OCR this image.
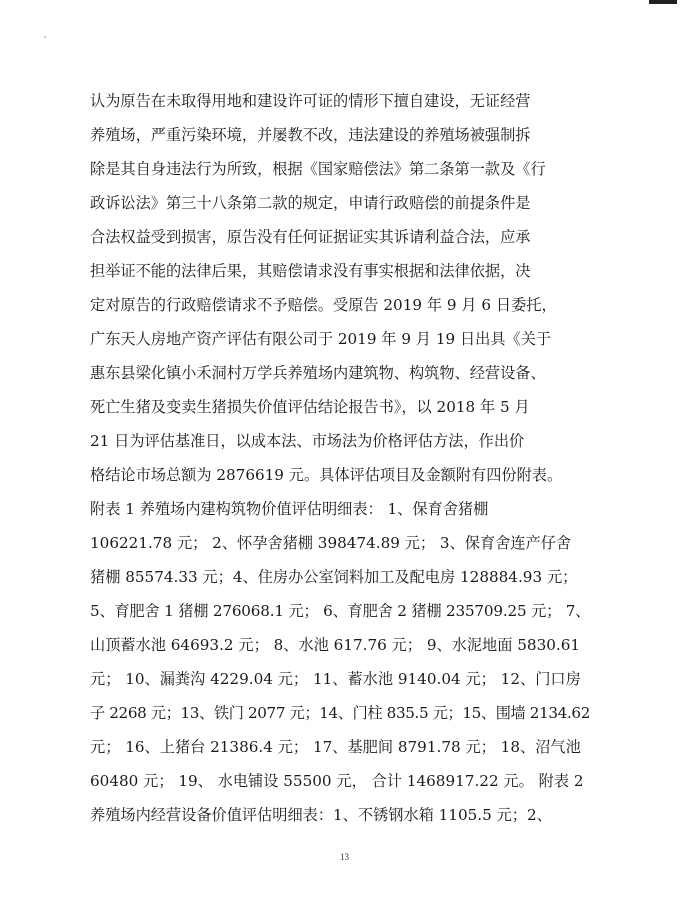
认为原告在未取得用地和建设许可证的情形下擅自建设，无证经营
养殖场，严重污染环境，并屡教不改，违法建设的养殖场被强制拆
除是其自身违法行为所致，根据《国家赔偿法》第二条第一款及《行
政诉讼法》第三十八条第二款的规定，申请行政赔偿的前提条件是
合法权益受到损害，原告没有任何证据证实其诉请利益合法，应承
担举证不能的法律后果，其赔偿请求没有事实根据和法律依据，决
定对原告的行政赔偿请求不予赔偿。受原告 2019 年 9 月 6 日委托，
广东天人房地产资产评估有限公司于 2019 年 9 月 19 日出具《关于
惠东县梁化镇小禾洞村万学兵养殖场内建筑物、构筑物、经营设备、
死亡生猪及变卖生猪损失价值评估结论报告书》，以 2018 年 5 月
21 日为评估基准日，以成本法、市场法为价格评估方法，作出价
格结论市场总额为 2876619 元。具体评估项目及金额附有四份附表。
附表 1 养殖场内建构筑物价值评估明细表： 1、保育舍猪棚
106221.78 元； 2、怀孕舍猪棚 398474.89 元； 3、保育舍连产仔舍
猪棚 85574.33 元；4、住房办公室饲料加工及配电房 128884.93 元；
5、育肥舍 1 猪棚 276068.1 元； 6、育肥舍 2 猪棚 235709.25 元； 7、
山顶蓄水池 64693.2 元； 8、水池 617.76 元； 9、水泥地面 5830.61
元； 10、漏粪沟 4229.04 元； 11、蓄水池 9140.04 元； 12、门口房
子 2268 元；13、铁门 2077 元；14、门柱 835.5 元；15、围墙 2134.62
元； 16、上猪台 21386.4 元； 17、基肥间 8791.78 元； 18、沼气池
60480 元； 19、 水电铺设 55500 元， 合计 1468917.22 元。 附表 2
养殖场内经营设备价值评估明细表：1、不锈钢水箱 1105.5 元；2、
13
